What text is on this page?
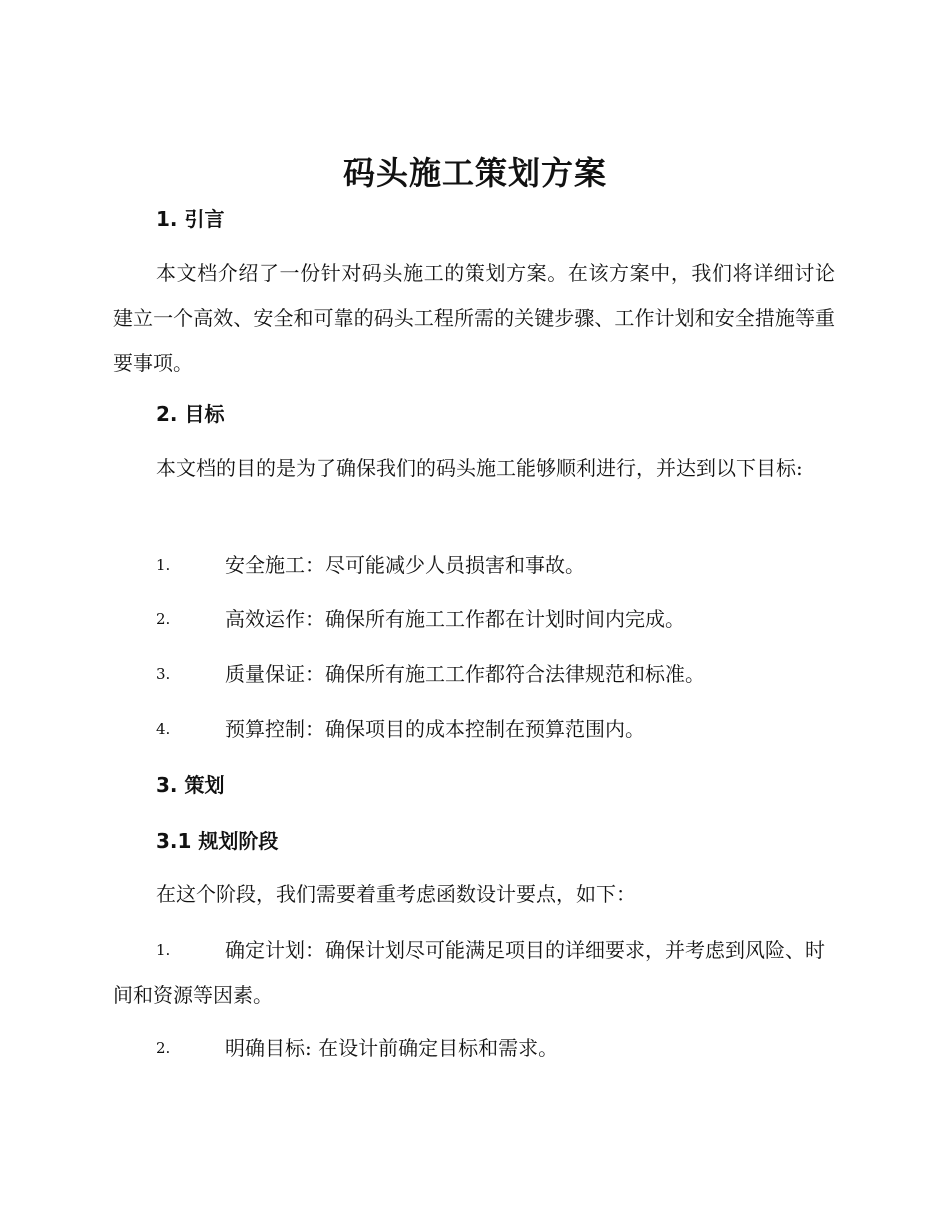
码头施工策划方案
1. 引言
本文档介绍了一份针对码头施工的策划方案。在该方案中，我们将详细讨论建立一个高效、安全和可靠的码头工程所需的关键步骤、工作计划和安全措施等重要事项。
2. 目标
本文档的目的是为了确保我们的码头施工能够顺利进行，并达到以下目标:
1.	安全施工：尽可能减少人员损害和事故。
2.	高效运作：确保所有施工工作都在计划时间内完成。
3.	质量保证：确保所有施工工作都符合法律规范和标准。
4.	预算控制：确保项目的成本控制在预算范围内。
3. 策划
3.1 规划阶段
在这个阶段，我们需要着重考虑函数设计要点，如下：
1.	确定计划：确保计划尽可能满足项目的详细要求，并考虑到风险、时间和资源等因素。
2.	明确目标: 在设计前确定目标和需求。
